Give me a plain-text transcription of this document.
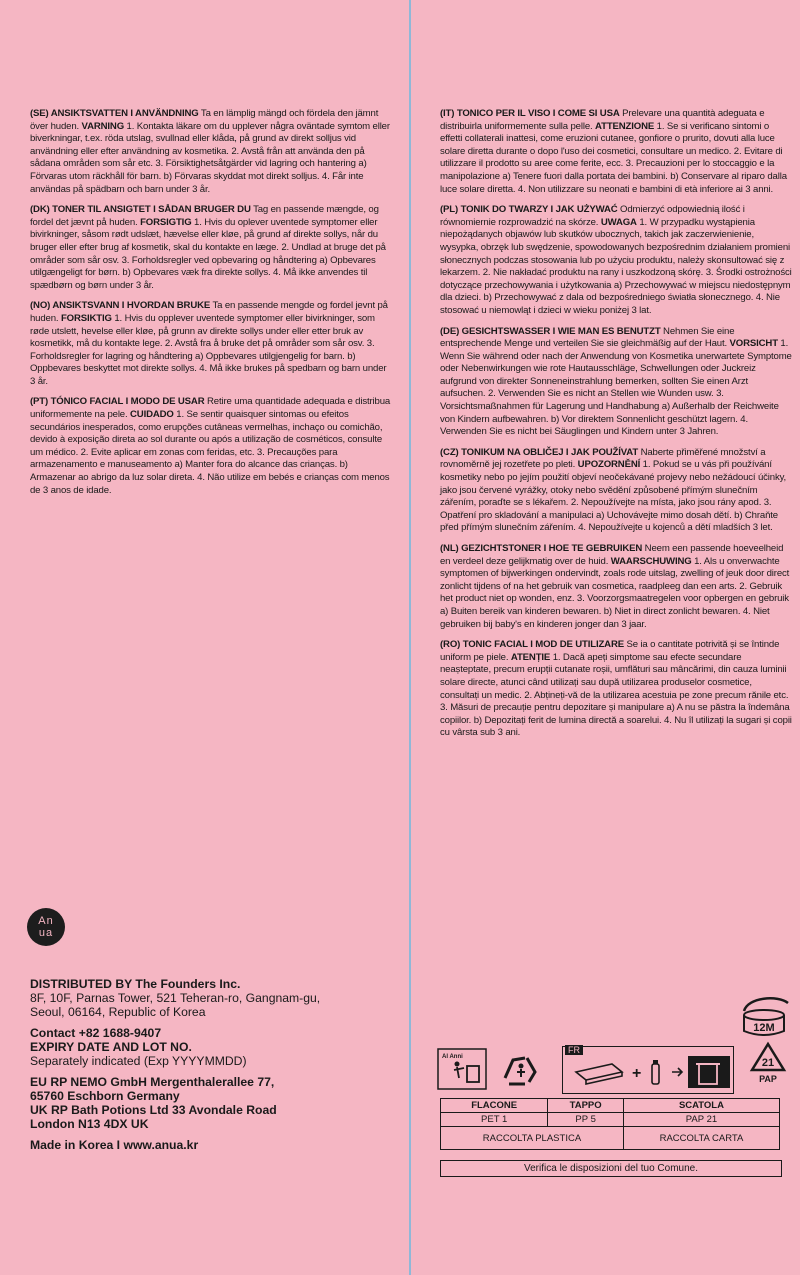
(SE) ANSIKTSVATTEN I ANVÄNDNING Ta en lämplig mängd och fördela den jämnt över huden. VARNING 1. Kontakta läkare om du upplever några oväntade symtom eller biverkningar, t.ex. röda utslag, svullnad eller klåda, på grund av direkt solljus vid användning eller efter användning av kosmetika. 2. Avstå från att använda den på sådana områden som sår etc. 3. Försiktighetsåtgärder vid lagring och hantering a) Förvaras utom räckhåll för barn. b) Förvaras skyddat mot direkt solljus. 4. Får inte användas på spädbarn och barn under 3 år.

(DK) TONER TIL ANSIGTET I SÅDAN BRUGER DU Tag en passende mængde, og fordel det jævnt på huden. FORSIGTIG 1. Hvis du oplever uventede symptomer eller bivirkninger, såsom rødt udslæt, hævelse eller kløe, på grund af direkte sollys, når du bruger eller efter brug af kosmetik, skal du kontakte en læge. 2. Undlad at bruge det på områder som sår osv. 3. Forholdsregler ved opbevaring og håndtering a) Opbevares utilgængeligt for børn. b) Opbevares væk fra direkte sollys. 4. Må ikke anvendes til spædbørn og børn under 3 år.

(NO) ANSIKTSVANN I HVORDAN BRUKE Ta en passende mengde og fordel jevnt på huden. FORSIKTIG 1. Hvis du opplever uventede symptomer eller bivirkninger, som røde utslett, hevelse eller kløe, på grunn av direkte sollys under eller etter bruk av kosmetikk, må du kontakte lege. 2. Avstå fra å bruke det på områder som sår osv. 3. Forholdsregler for lagring og håndtering a) Oppbevares utilgjengelig for barn. b) Oppbevares beskyttet mot direkte sollys. 4. Må ikke brukes på spedbarn og barn under 3 år.

(PT) TÓNICO FACIAL I MODO DE USAR Retire uma quantidade adequada e distribua uniformemente na pele. CUIDADO 1. Se sentir quaisquer sintomas ou efeitos secundários inesperados, como erupções cutâneas vermelhas, inchaço ou comichão, devido à exposição direta ao sol durante ou após a utilização de cosméticos, consulte um médico. 2. Evite aplicar em zonas com feridas, etc. 3. Precauções para armazenamento e manuseamento a) Manter fora do alcance das crianças. b) Armazenar ao abrigo da luz solar direta. 4. Não utilize em bebés e crianças com menos de 3 anos de idade.

(IT) TONICO PER IL VISO I COME SI USA Prelevare una quantità adeguata e distribuirla uniformemente sulla pelle. ATTENZIONE 1. Se si verificano sintomi o effetti collaterali inattesi, come eruzioni cutanee, gonfiore o prurito, dovuti alla luce solare diretta durante o dopo l'uso dei cosmetici, consultare un medico. 2. Evitare di utilizzare il prodotto su aree come ferite, ecc. 3. Precauzioni per lo stoccaggio e la manipolazione a) Tenere fuori dalla portata dei bambini. b) Conservare al riparo dalla luce solare diretta. 4. Non utilizzare su neonati e bambini di età inferiore ai 3 anni.

(PL) TONIK DO TWARZY I JAK UŻYWAĆ Odmierzyć odpowiednią ilość i równomiernie rozprowadzić na skórze. UWAGA 1. W przypadku wystąpienia niepożądanych objawów lub skutków ubocznych, takich jak zaczerwienienie, wysypka, obrzęk lub swędzenie, spowodowanych bezpośrednim działaniem promieni słonecznych podczas stosowania lub po użyciu produktu, należy skonsultować się z lekarzem. 2. Nie nakładać produktu na rany i uszkodzoną skórę. 3. Środki ostrożności dotyczące przechowywania i użytkowania a) Przechowywać w miejscu niedostępnym dla dzieci. b) Przechowywać z dala od bezpośredniego światła słonecznego. 4. Nie stosować u niemowląt i dzieci w wieku poniżej 3 lat.

(DE) GESICHTSWASSER I WIE MAN ES BENUTZT Nehmen Sie eine entsprechende Menge und verteilen Sie sie gleichmäßig auf der Haut. VORSICHT 1. Wenn Sie während oder nach der Anwendung von Kosmetika unerwartete Symptome oder Nebenwirkungen wie rote Hautausschläge, Schwellungen oder Juckreiz aufgrund von direkter Sonneneinstrahlung bemerken, sollten Sie einen Arzt aufsuchen. 2. Verwenden Sie es nicht an Stellen wie Wunden usw. 3. Vorsichtsmaßnahmen für Lagerung und Handhabung a) Außerhalb der Reichweite von Kindern aufbewahren. b) Vor direktem Sonnenlicht geschützt lagern. 4. Verwenden Sie es nicht bei Säuglingen und Kindern unter 3 Jahren.

(CZ) TONIKUM NA OBLIČEJ I JAK POUŽÍVAT Naberte přiměřené množství a rovnoměrně jej rozetřete po pleti. UPOZORNĚNÍ 1. Pokud se u vás při používání kosmetiky nebo po jejím použití objeví neočekávané projevy nebo nežádoucí účinky, jako jsou červené vyrážky, otoky nebo svědění způsobené přímým slunečním zářením, poraďte se s lékařem. 2. Nepoužívejte na místa, jako jsou rány apod. 3. Opatření pro skladování a manipulaci a) Uchovávejte mimo dosah dětí. b) Chraňte před přímým slunečním zářením. 4. Nepoužívejte u kojenců a dětí mladších 3 let.

(NL) GEZICHTSTONER I HOE TE GEBRUIKEN Neem een passende hoeveelheid en verdeel deze gelijkmatig over de huid. WAARSCHUWING 1. Als u onverwachte symptomen of bijwerkingen ondervindt, zoals rode uitslag, zwelling of jeuk door direct zonlicht tijdens of na het gebruik van cosmetica, raadpleeg dan een arts. 2. Gebruik het product niet op wonden, enz. 3. Voorzorgsmaatregelen voor opbergen en gebruik a) Buiten bereik van kinderen bewaren. b) Niet in direct zonlicht bewaren. 4. Niet gebruiken bij baby's en kinderen jonger dan 3 jaar.

(RO) TONIC FACIAL I MOD DE UTILIZARE Se ia o cantitate potrivită și se întinde uniform pe piele. ATENȚIE 1. Dacă apeți simptome sau efecte secundare neașteptate, precum erupții cutanate roșii, umflături sau mâncărimi, din cauza luminii solare directe, atunci când utilizați sau după utilizarea produselor cosmetice, consultați un medic. 2. Abțineți-vă de la utilizarea acestuia pe zone precum rănile etc. 3. Măsuri de precauție pentru depozitare și manipulare a) A nu se păstra la îndemâna copiilor. b) Depozitați ferit de lumina directă a soarelui. 4. Nu îl utilizați la sugari și copii cu vârsta sub 3 ani.

An
ua
DISTRIBUTED BY The Founders Inc.
8F, 10F, Parnas Tower, 521 Teheran-ro, Gangnam-gu,
Seoul, 06164, Republic of Korea
Contact +82 1688-9407
EXPIRY DATE AND LOT NO.
Separately indicated (Exp YYYYMMDD)
EU RP NEMO GmbH Mergenthalerallee 77,
65760 Eschborn Germany
UK RP Bath Potions Ltd 33 Avondale Road
London N13 4DX UK
Made in Korea I www.anua.kr
12M
Al Anni
FR
+
21
PAP
FLACONE	TAPPO	SCATOLA
PET 1	PP 5	PAP 21
RACCOLTA PLASTICA		RACCOLTA CARTA
Verifica le disposizioni del tuo Comune.
